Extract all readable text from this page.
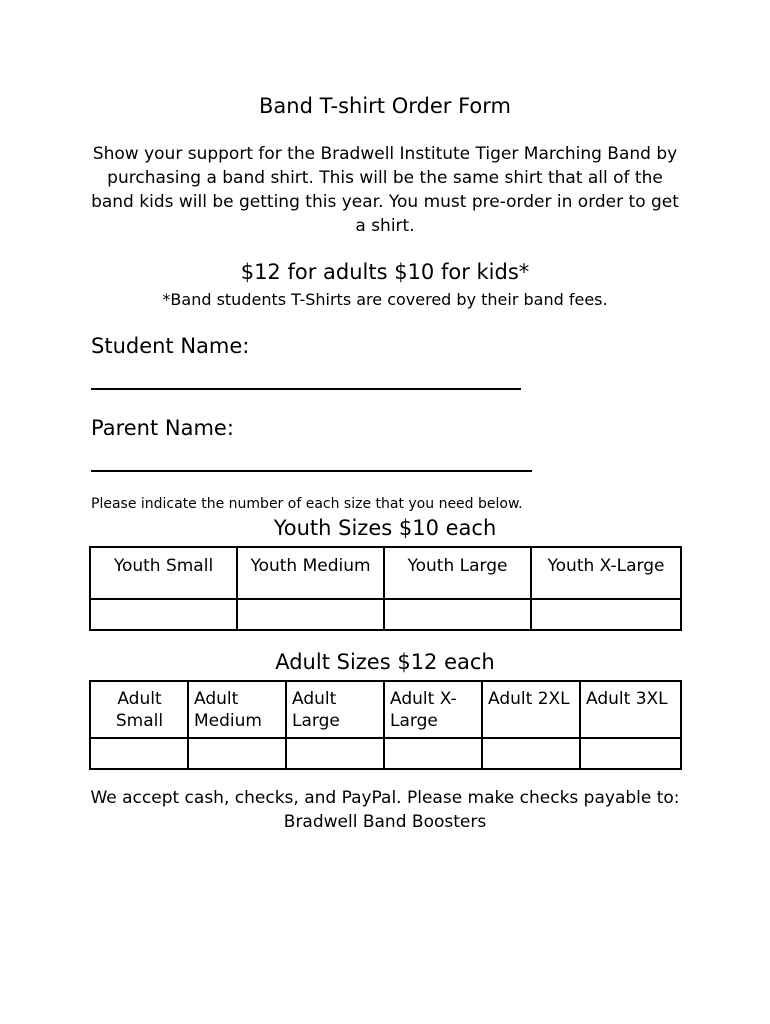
Band T-shirt Order Form
Show your support for the Bradwell Institute Tiger Marching Band by purchasing a band shirt. This will be the same shirt that all of the band kids will be getting this year. You must pre-order in order to get a shirt.
$12 for adults $10 for kids*
*Band students T-Shirts are covered by their band fees.
Student Name:
Parent Name:
Please indicate the number of each size that you need below.
Youth Sizes $10 each
Youth Small	Youth Medium	Youth Large	Youth X-Large

Adult Sizes $12 each
Adult Small	Adult Medium	Adult Large	Adult X-Large	Adult 2XL	Adult 3XL

We accept cash, checks, and PayPal. Please make checks payable to: Bradwell Band Boosters
